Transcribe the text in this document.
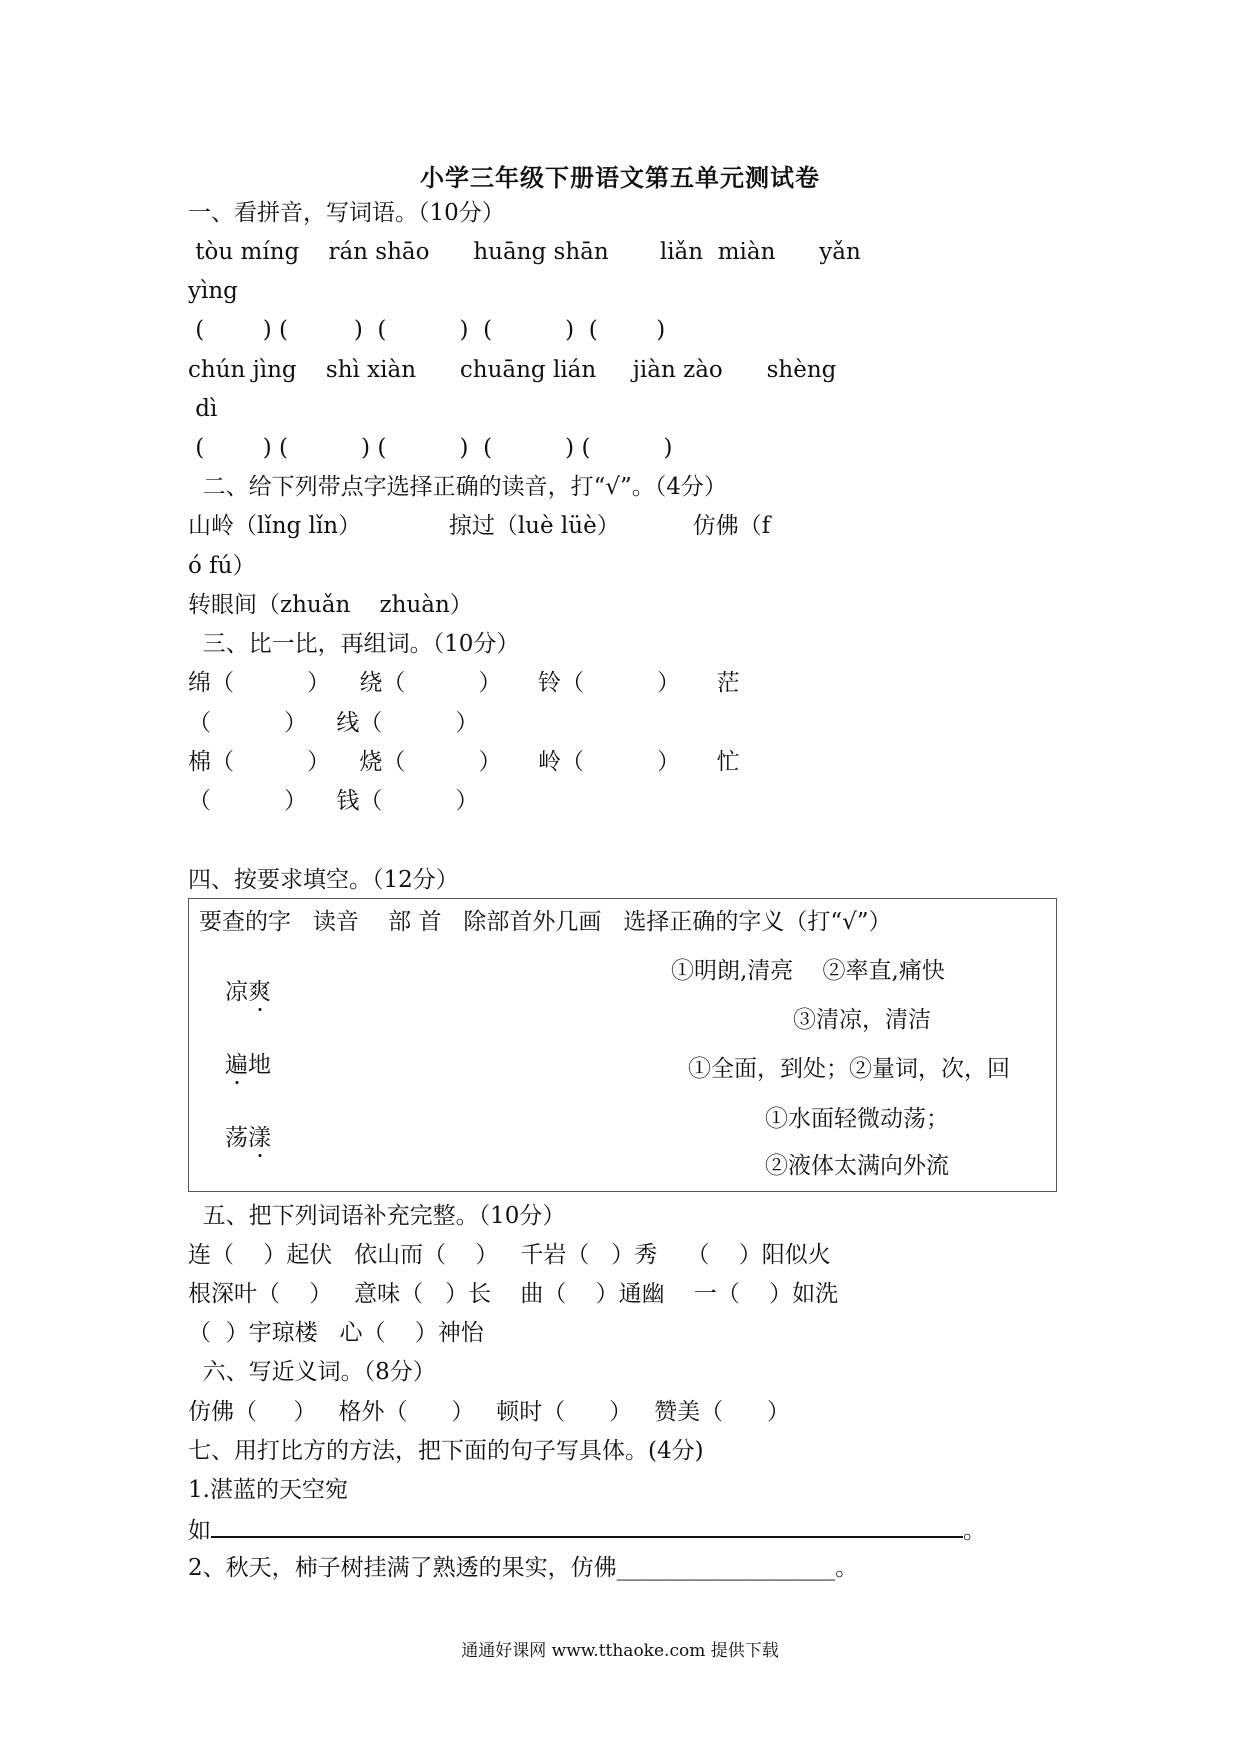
小学三年级下册语文第五单元测试卷
一、看拼音，写词语。（10分）
tòu míng    rán shāo      huāng shān       liǎn  miàn      yǎn
yìng
(        ) (         )  (          )  (          )  (        )
chún jìng    shì xiàn      chuāng lián     jiàn zào      shèng
dì
(        ) (          ) (          )  (          ) (          )
二、给下列带点字选择正确的读音，打“√”。（4分）
山岭（lǐng lǐn）            掠过（luè lüè）          仿佛（f
ó fú）
转眼间（zhuǎn    zhuàn）
三、比一比，再组词。（10分）
绵（          ）    绕（          ）     铃（          ）     茫
（          ）    线（          ）
棉（          ）    烧（          ）     岭（          ）     忙
（          ）    钱（          ）
四、按要求填空。（12分）
要查的字   读音    部 首   除部首外几画   选择正确的字义（打“√”）
凉爽
①明朗,清亮    ②率直,痛快
③清凉，清洁
遍地	①全面，到处；②量词，次，回
荡漾
①水面轻微动荡；
②液体太满向外流
五、把下列词语补充完整。（10分）
连（    ）起伏   依山而（    ）   千岩（   ）秀    （    ）阳似火
根深叶（    ）   意味（   ）长    曲（    ）通幽    一（    ）如洗
（  ）宇琼楼   心（    ）神怡
六、写近义词。（8分）
仿佛（     ）   格外（      ）   顿时（      ）   赞美（      ）
七、用打比方的方法，把下面的句子写具体。(4分)
1.湛蓝的天空宛
如	。
2、秋天，柿子树挂满了熟透的果实，仿佛___________________。
通通好课网 www.tthaoke.com 提供下载
